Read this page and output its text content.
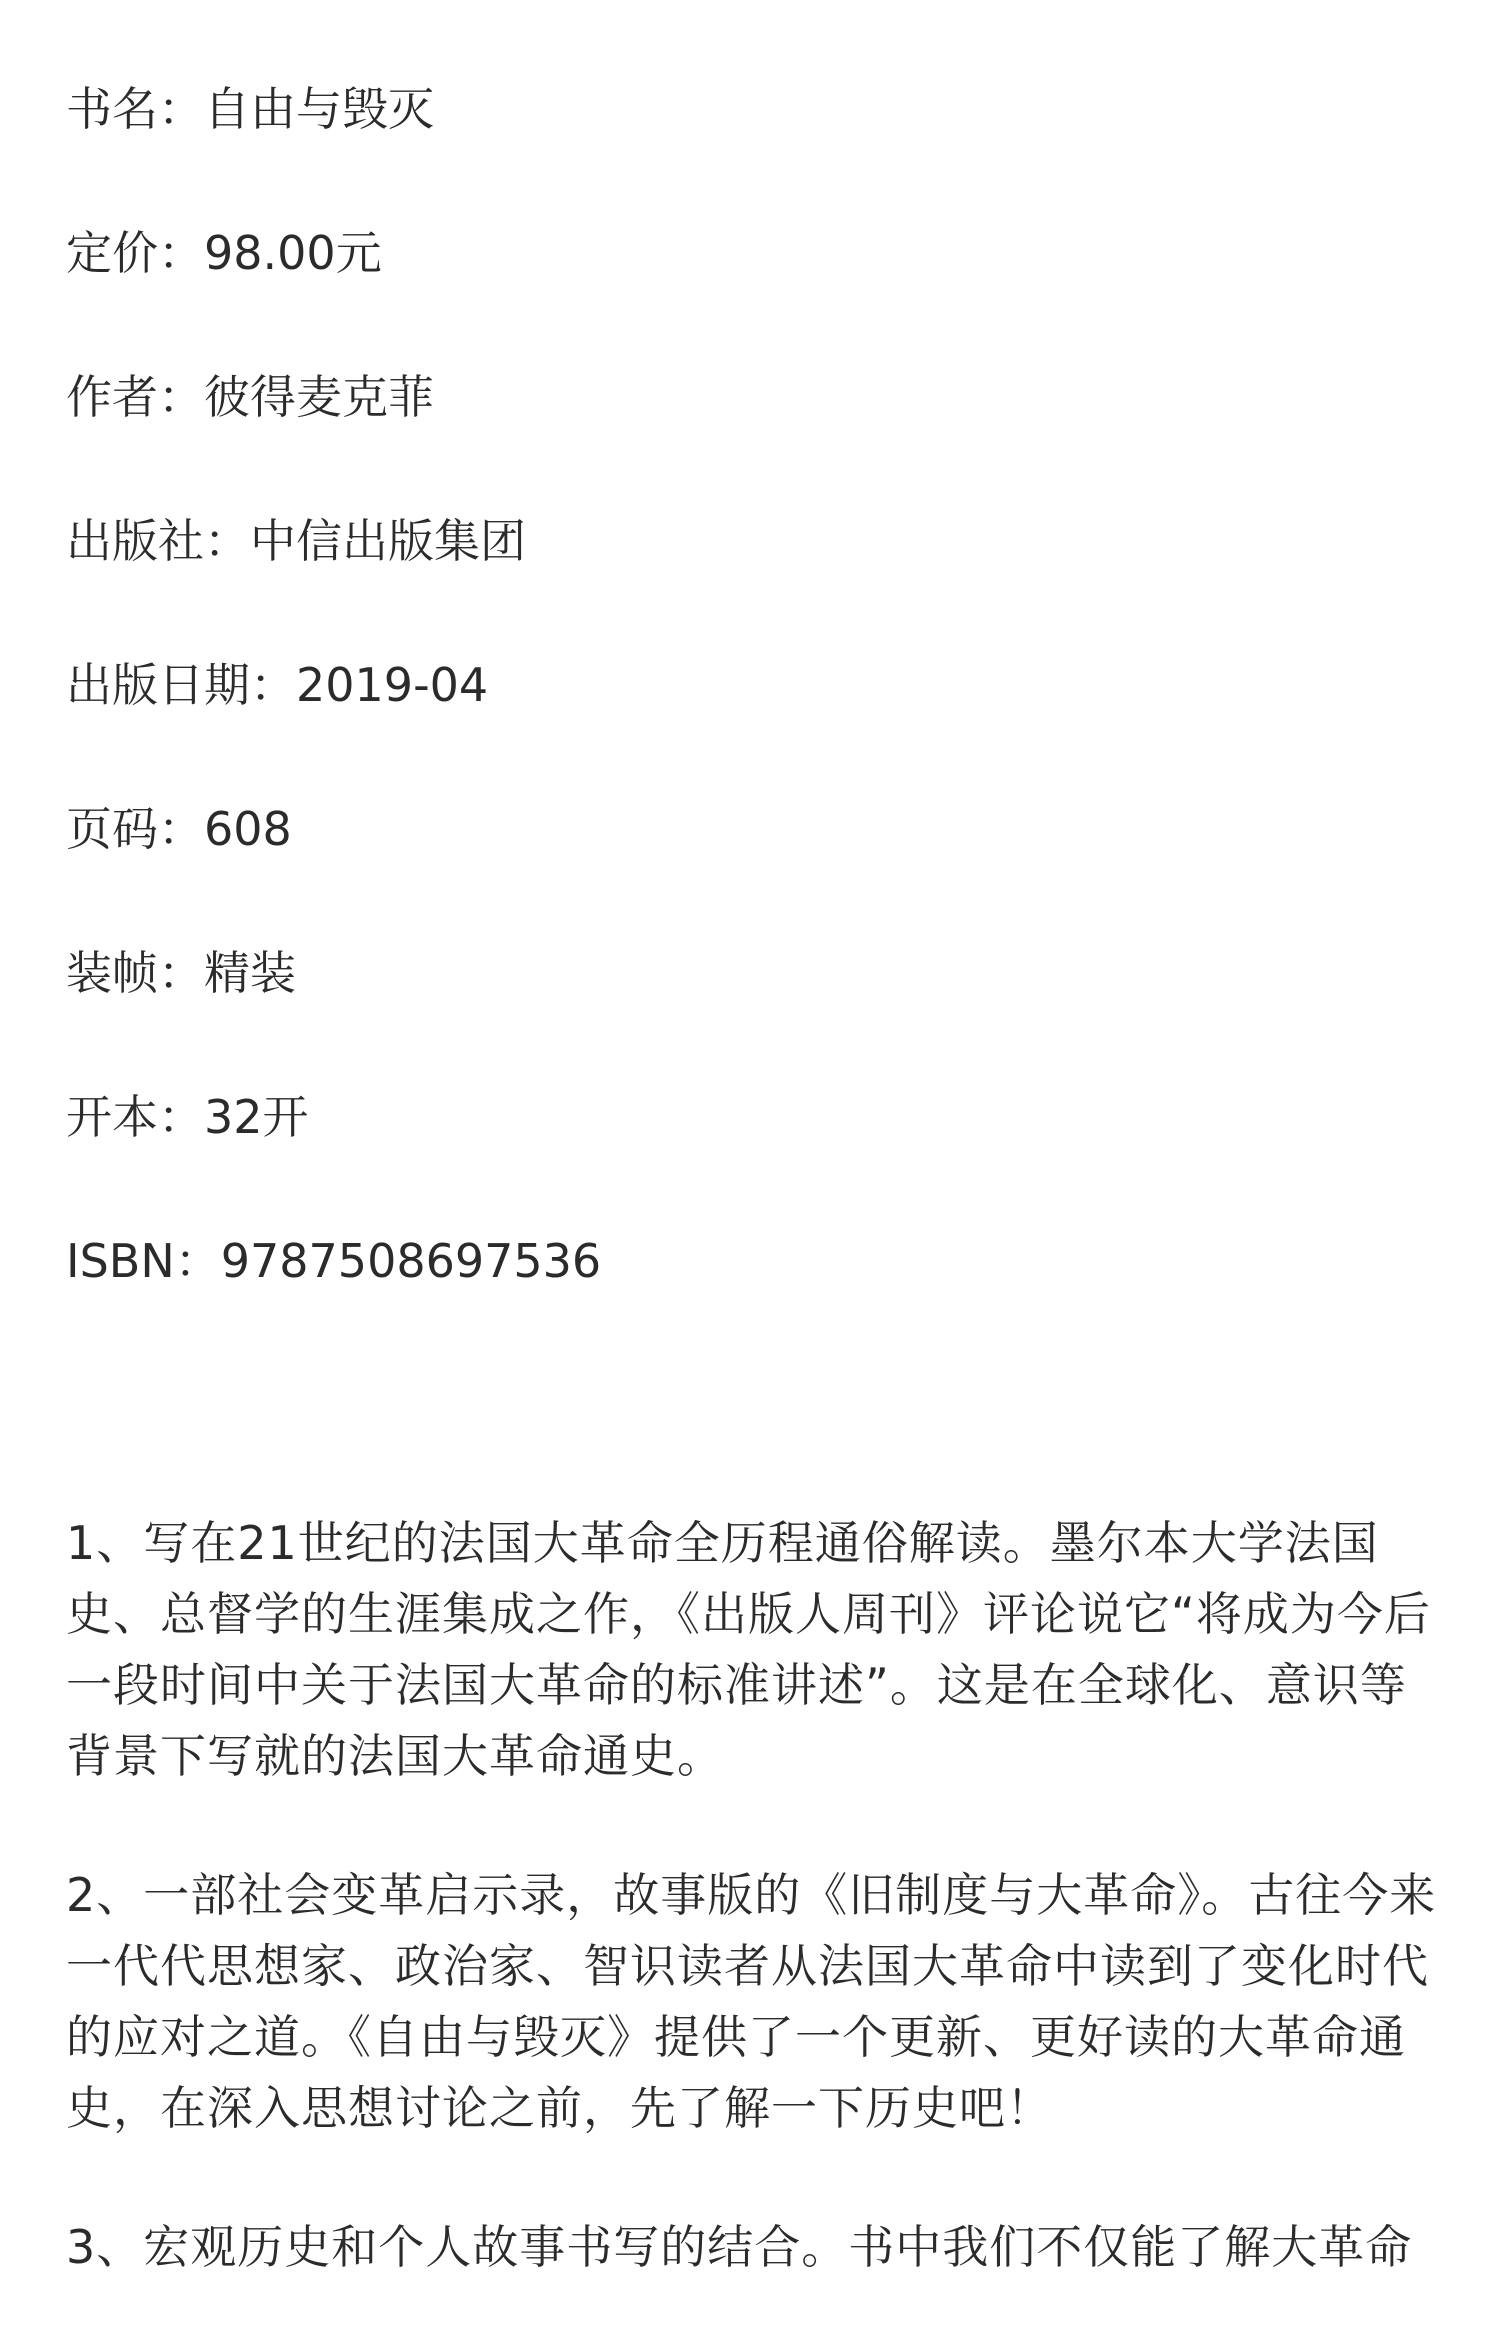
书名：自由与毁灭
定价：98.00元
作者：彼得麦克菲
出版社：中信出版集团
出版日期：2019-04
页码：608
装帧：精装
开本：32开
ISBN：9787508697536

1、写在21世纪的法国大革命全历程通俗解读。墨尔本大学法国史、总督学的生涯集成之作，《出版人周刊》评论说它“将成为今后一段时间中关于法国大革命的标准讲述”。这是在全球化、意识等背景下写就的法国大革命通史。

2、一部社会变革启示录，故事版的《旧制度与大革命》。古往今来一代代思想家、政治家、智识读者从法国大革命中读到了变化时代的应对之道。《自由与毁灭》提供了一个更新、更好读的大革命通史，在深入思想讨论之前，先了解一下历史吧！

3、宏观历史和个人故事书写的结合。书中我们不仅能了解大革命
